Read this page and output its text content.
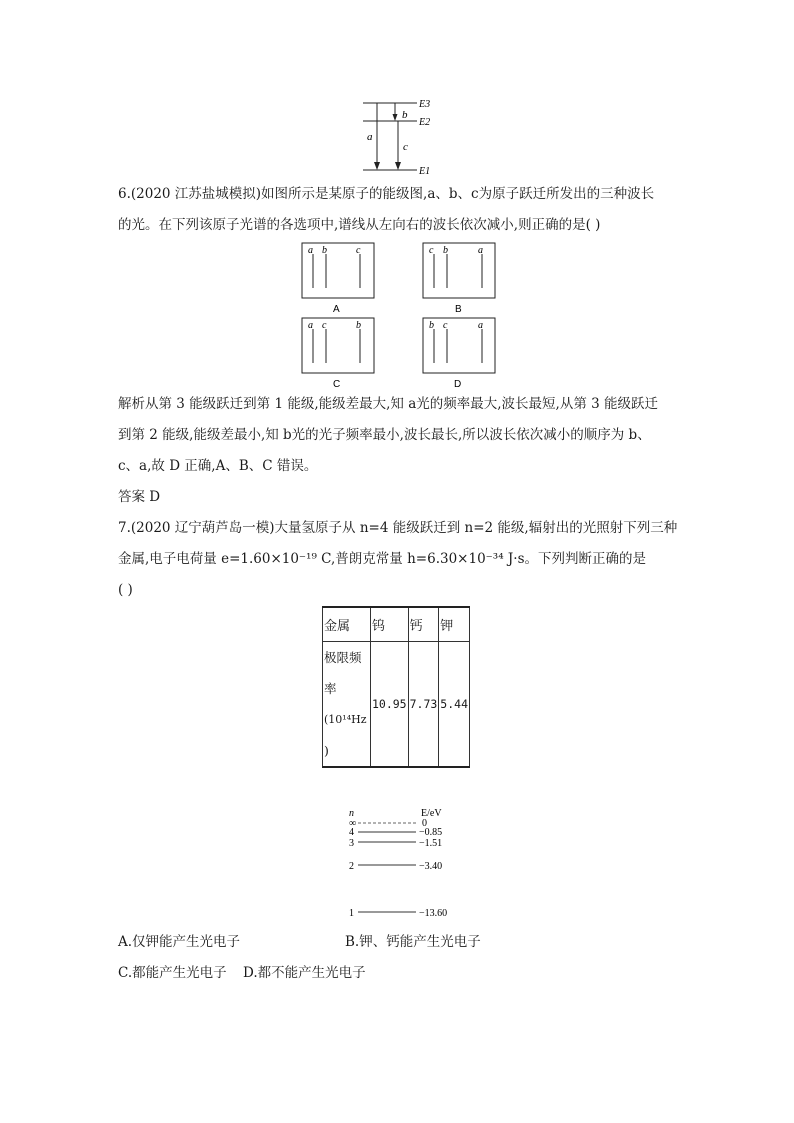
a
b
c
E3
E2
E1
6.(2020 江苏盐城模拟)如图所示是某原子的能级图,a、b、c为原子跃迁所发出的三种波长
的光。在下列该原子光谱的各选项中,谱线从左向右的波长依次减小,则正确的是( )
a b	c
A
c b	a
B
a c	b
C
b c	a
D
解析从第 3 能级跃迁到第 1 能级,能级差最大,知 a光的频率最大,波长最短,从第 3 能级跃迁
到第 2 能级,能级差最小,知 b光的光子频率最小,波长最长,所以波长依次减小的顺序为 b、
c、a,故 D 正确,A、B、C 错误。
答案 D
7.(2020 辽宁葫芦岛一模)大量氢原子从 n=4 能级跃迁到 n=2 能级,辐射出的光照射下列三种
金属,电子电荷量 e=1.60×10⁻¹⁹ C,普朗克常量 h=6.30×10⁻³⁴ J·s。下列判断正确的是
( )
金属	钨	钙	钾

极限频
率
(10¹⁴Hz
)	10.95	7.73	5.44
n	E/eV
∞	0
4	−0.85
3	−1.51
2	−3.40
1	−13.60
A.仅钾能产生光电子	B.钾、钙能产生光电子
C.都能产生光电子 D.都不能产生光电子
